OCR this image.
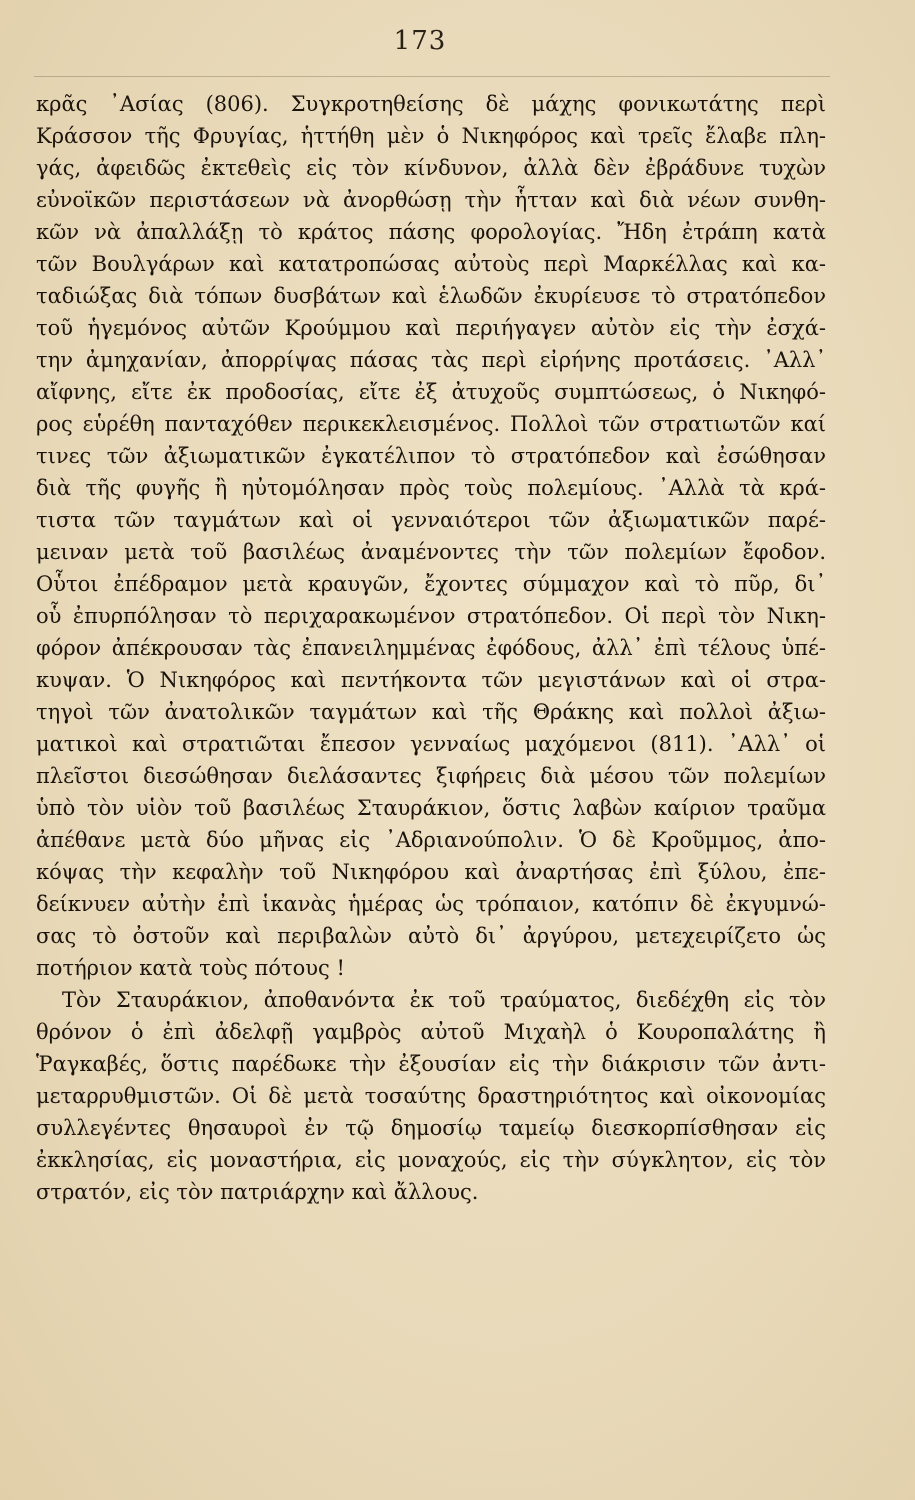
173
κρᾶς ᾽Ασίας (806). Συγκροτηθείσης δὲ μάχης φονικωτάτης περὶ
Κράσσον τῆς Φρυγίας, ἡττήθη μὲν ὁ Νικηφόρος καὶ τρεῖς ἔλαβε πλη-
γάς, ἀφειδῶς ἐκτεθεὶς εἰς τὸν κίνδυνον, ἀλλὰ δὲν ἐβράδυνε τυχὼν
εὐνοϊκῶν περιστάσεων νὰ ἀνορθώσῃ τὴν ἧτταν καὶ διὰ νέων συνθη-
κῶν νὰ ἀπαλλάξῃ τὸ κράτος πάσης φορολογίας. Ἤδη ἐτράπη κατὰ
τῶν Βουλγάρων καὶ κατατροπώσας αὐτοὺς περὶ Μαρκέλλας καὶ κα-
ταδιώξας διὰ τόπων δυσβάτων καὶ ἑλωδῶν ἐκυρίευσε τὸ στρατόπεδον
τοῦ ἡγεμόνος αὐτῶν Κρούμμου καὶ περιήγαγεν αὐτὸν εἰς τὴν ἐσχά-
την ἀμηχανίαν, ἀπορρίψας πάσας τὰς περὶ εἰρήνης προτάσεις. ᾽Αλλ᾽
αἴφνης, εἴτε ἐκ προδοσίας, εἴτε ἐξ ἀτυχοῦς συμπτώσεως, ὁ Νικηφό-
ρος εὑρέθη πανταχόθεν περικεκλεισμένος. Πολλοὶ τῶν στρατιωτῶν καί
τινες τῶν ἀξιωματικῶν ἐγκατέλιπον τὸ στρατόπεδον καὶ ἐσώθησαν
διὰ τῆς φυγῆς ἢ ηὐτομόλησαν πρὸς τοὺς πολεμίους. ᾽Αλλὰ τὰ κρά-
τιστα τῶν ταγμάτων καὶ οἱ γενναιότεροι τῶν ἀξιωματικῶν παρέ-
μειναν μετὰ τοῦ βασιλέως ἀναμένοντες τὴν τῶν πολεμίων ἔφοδον.
Οὗτοι ἐπέδραμον μετὰ κραυγῶν, ἔχοντες σύμμαχον καὶ τὸ πῦρ, δι᾽
οὗ ἐπυρπόλησαν τὸ περιχαρακωμένον στρατόπεδον. Οἱ περὶ τὸν Νικη-
φόρον ἀπέκρουσαν τὰς ἐπανειλημμένας ἐφόδους, ἀλλ᾽ ἐπὶ τέλους ὑπέ-
κυψαν. Ὁ Νικηφόρος καὶ πεντήκοντα τῶν μεγιστάνων καὶ οἱ στρα-
τηγοὶ τῶν ἀνατολικῶν ταγμάτων καὶ τῆς Θράκης καὶ πολλοὶ ἀξιω-
ματικοὶ καὶ στρατιῶται ἔπεσον γενναίως μαχόμενοι (811). ᾽Αλλ᾽ οἱ
πλεῖστοι διεσώθησαν διελάσαντες ξιφήρεις διὰ μέσου τῶν πολεμίων
ὑπὸ τὸν υἱὸν τοῦ βασιλέως Σταυράκιον, ὅστις λαβὼν καίριον τραῦμα
ἀπέθανε μετὰ δύο μῆνας εἰς ᾽Αδριανούπολιν. Ὁ δὲ Κροῦμμος, ἀπο-
κόψας τὴν κεφαλὴν τοῦ Νικηφόρου καὶ ἀναρτήσας ἐπὶ ξύλου, ἐπε-
δείκνυεν αὐτὴν ἐπὶ ἱκανὰς ἡμέρας ὡς τρόπαιον, κατόπιν δὲ ἐκγυμνώ-
σας τὸ ὀστοῦν καὶ περιβαλὼν αὐτὸ δι᾽ ἀργύρου, μετεχειρίζετο ὡς
ποτήριον κατὰ τοὺς πότους !
Τὸν Σταυράκιον, ἀποθανόντα ἐκ τοῦ τραύματος, διεδέχθη εἰς τὸν
θρόνον ὁ ἐπὶ ἀδελφῇ γαμβρὸς αὐτοῦ Μιχαὴλ ὁ Κουροπαλάτης ἢ
Ῥαγκαβές, ὅστις παρέδωκε τὴν ἐξουσίαν εἰς τὴν διάκρισιν τῶν ἀντι-
μεταρρυθμιστῶν. Οἱ δὲ μετὰ τοσαύτης δραστηριότητος καὶ οἰκονομίας
συλλεγέντες θησαυροὶ ἐν τῷ δημοσίῳ ταμείῳ διεσκορπίσθησαν εἰς
ἐκκλησίας, εἰς μοναστήρια, εἰς μοναχούς, εἰς τὴν σύγκλητον, εἰς τὸν
στρατόν, εἰς τὸν πατριάρχην καὶ ἄλλους.
